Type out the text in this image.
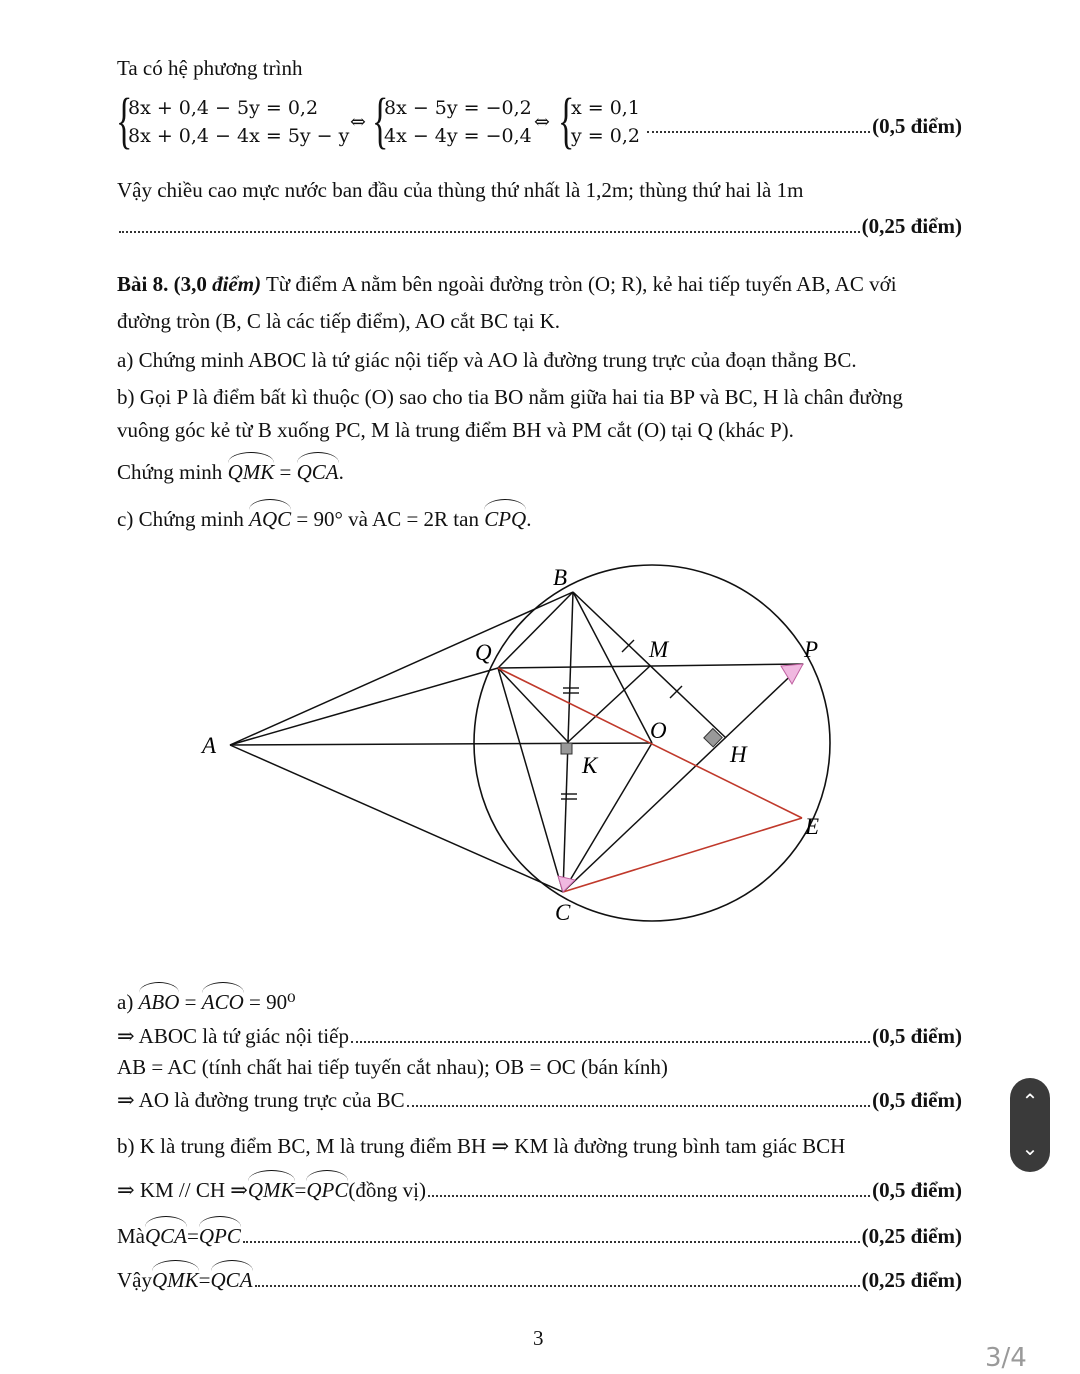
Ta có hệ phương trình
{
8x + 0,4 − 5y = 0,2
8x + 0,4 − 4x = 5y − y
⇔ {
8x − 5y = −0,2
4x − 4y = −0,4
⇔ {
x = 0,1
y = 0,2	(0,5 điểm)
Vậy chiều cao mực nước ban đầu của thùng thứ nhất là 1,2m; thùng thứ hai là 1m
(0,25 điểm)
Bài 8. (3,0 điểm) Từ điểm A nằm bên ngoài đường tròn (O; R), kẻ hai tiếp tuyến AB, AC với
đường tròn (B, C là các tiếp điểm), AO cắt BC tại K.
a) Chứng minh ABOC là tứ giác nội tiếp và AO là đường trung trực của đoạn thẳng BC.
b) Gọi P là điểm bất kì thuộc (O) sao cho tia BO nằm giữa hai tia BP và BC, H là chân đường
vuông góc kẻ từ B xuống PC, M là trung điểm BH và PM cắt (O) tại Q (khác P).
Chứng minh QMK = QCA.
c) Chứng minh AQC = 90° và AC = 2R tan CPQ.
B
Q	M	P
A
O
H
K
E
C
a) ABO = ACO = 90⁰
⇒ ABOC là tứ giác nội tiếp	(0,5 điểm)
AB = AC (tính chất hai tiếp tuyến cắt nhau); OB = OC (bán kính)
⇒ AO là đường trung trực của BC	(0,5 điểm)
b) K là trung điểm BC, M là trung điểm BH ⇒ KM là đường trung bình tam giác BCH
⇒ KM // CH ⇒ QMK = QPC (đồng vị)	(0,5 điểm)
Mà QCA = QPC	(0,25 điểm)
Vậy QMK = QCA	(0,25 điểm)
3
⌃
⌄
3/4
